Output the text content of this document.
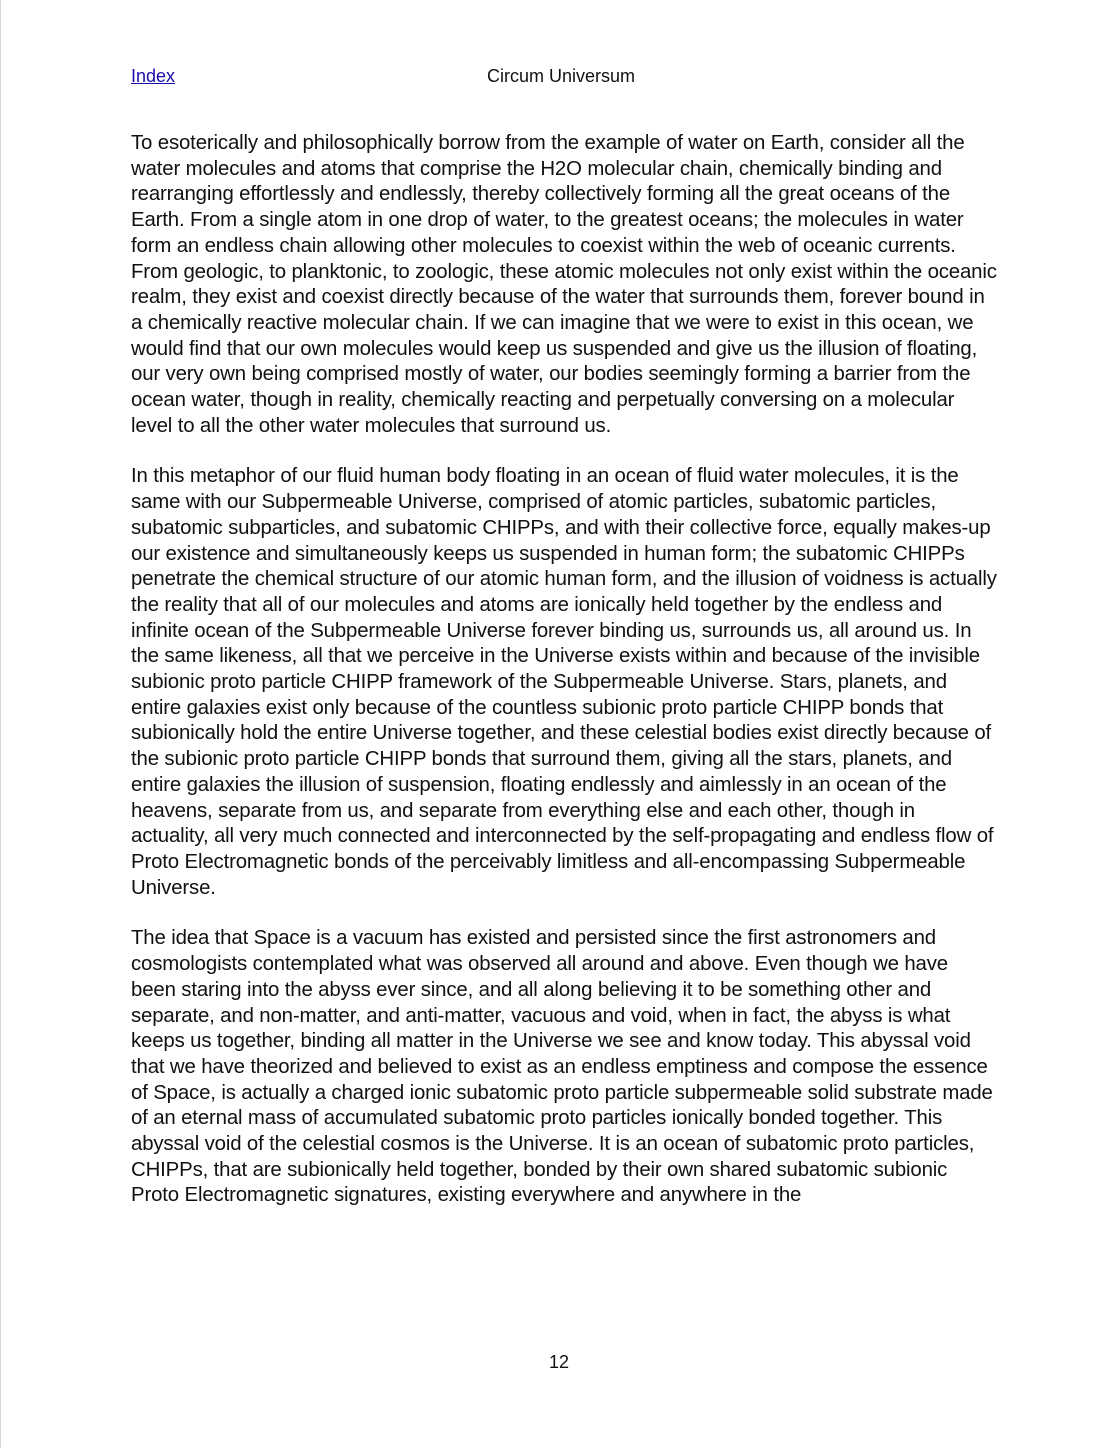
Circum Universum
Index

To esoterically and philosophically borrow from the example of water on Earth, consider all the water molecules and atoms that comprise the H2O molecular chain, chemically binding and rearranging effortlessly and endlessly, thereby collectively forming all the great oceans of the Earth. From a single atom in one drop of water, to the greatest oceans; the molecules in water form an endless chain allowing other molecules to coexist within the web of oceanic currents. From geologic, to planktonic, to zoologic, these atomic molecules not only exist within the oceanic realm, they exist and coexist directly because of the water that surrounds them, forever bound in a chemically reactive molecular chain. If we can imagine that we were to exist in this ocean, we would find that our own molecules would keep us suspended and give us the illusion of floating, our very own being comprised mostly of water, our bodies seemingly forming a barrier from the ocean water, though in reality, chemically reacting and perpetually conversing on a molecular level to all the other water molecules that surround us.

In this metaphor of our fluid human body floating in an ocean of fluid water molecules, it is the same with our Subpermeable Universe, comprised of atomic particles, subatomic particles, subatomic subparticles, and subatomic CHIPPs, and with their collective force, equally makes-up our existence and simultaneously keeps us suspended in human form; the subatomic CHIPPs penetrate the chemical structure of our atomic human form, and the illusion of voidness is actually the reality that all of our molecules and atoms are ionically held together by the endless and infinite ocean of the Subpermeable Universe forever binding us, surrounds us, all around us. In the same likeness, all that we perceive in the Universe exists within and because of the invisible subionic proto particle CHIPP framework of the Subpermeable Universe. Stars, planets, and entire galaxies exist only because of the countless subionic proto particle CHIPP bonds that subionically hold the entire Universe together, and these celestial bodies exist directly because of the subionic proto particle CHIPP bonds that surround them, giving all the stars, planets, and entire galaxies the illusion of suspension, floating endlessly and aimlessly in an ocean of the heavens, separate from us, and separate from everything else and each other, though in actuality, all very much connected and interconnected by the self-propagating and endless flow of Proto Electromagnetic bonds of the perceivably limitless and all-encompassing Subpermeable Universe.

The idea that Space is a vacuum has existed and persisted since the first astronomers and cosmologists contemplated what was observed all around and above. Even though we have been staring into the abyss ever since, and all along believing it to be something other and separate, and non-matter, and anti-matter, vacuous and void, when in fact, the abyss is what keeps us together, binding all matter in the Universe we see and know today. This abyssal void that we have theorized and believed to exist as an endless emptiness and compose the essence of Space, is actually a charged ionic subatomic proto particle subpermeable solid substrate made of an eternal mass of accumulated subatomic proto particles ionically bonded together. This abyssal void of the celestial cosmos is the Universe. It is an ocean of subatomic proto particles, CHIPPs, that are subionically held together, bonded by their own shared subatomic subionic Proto Electromagnetic signatures, existing everywhere and anywhere in the

12
